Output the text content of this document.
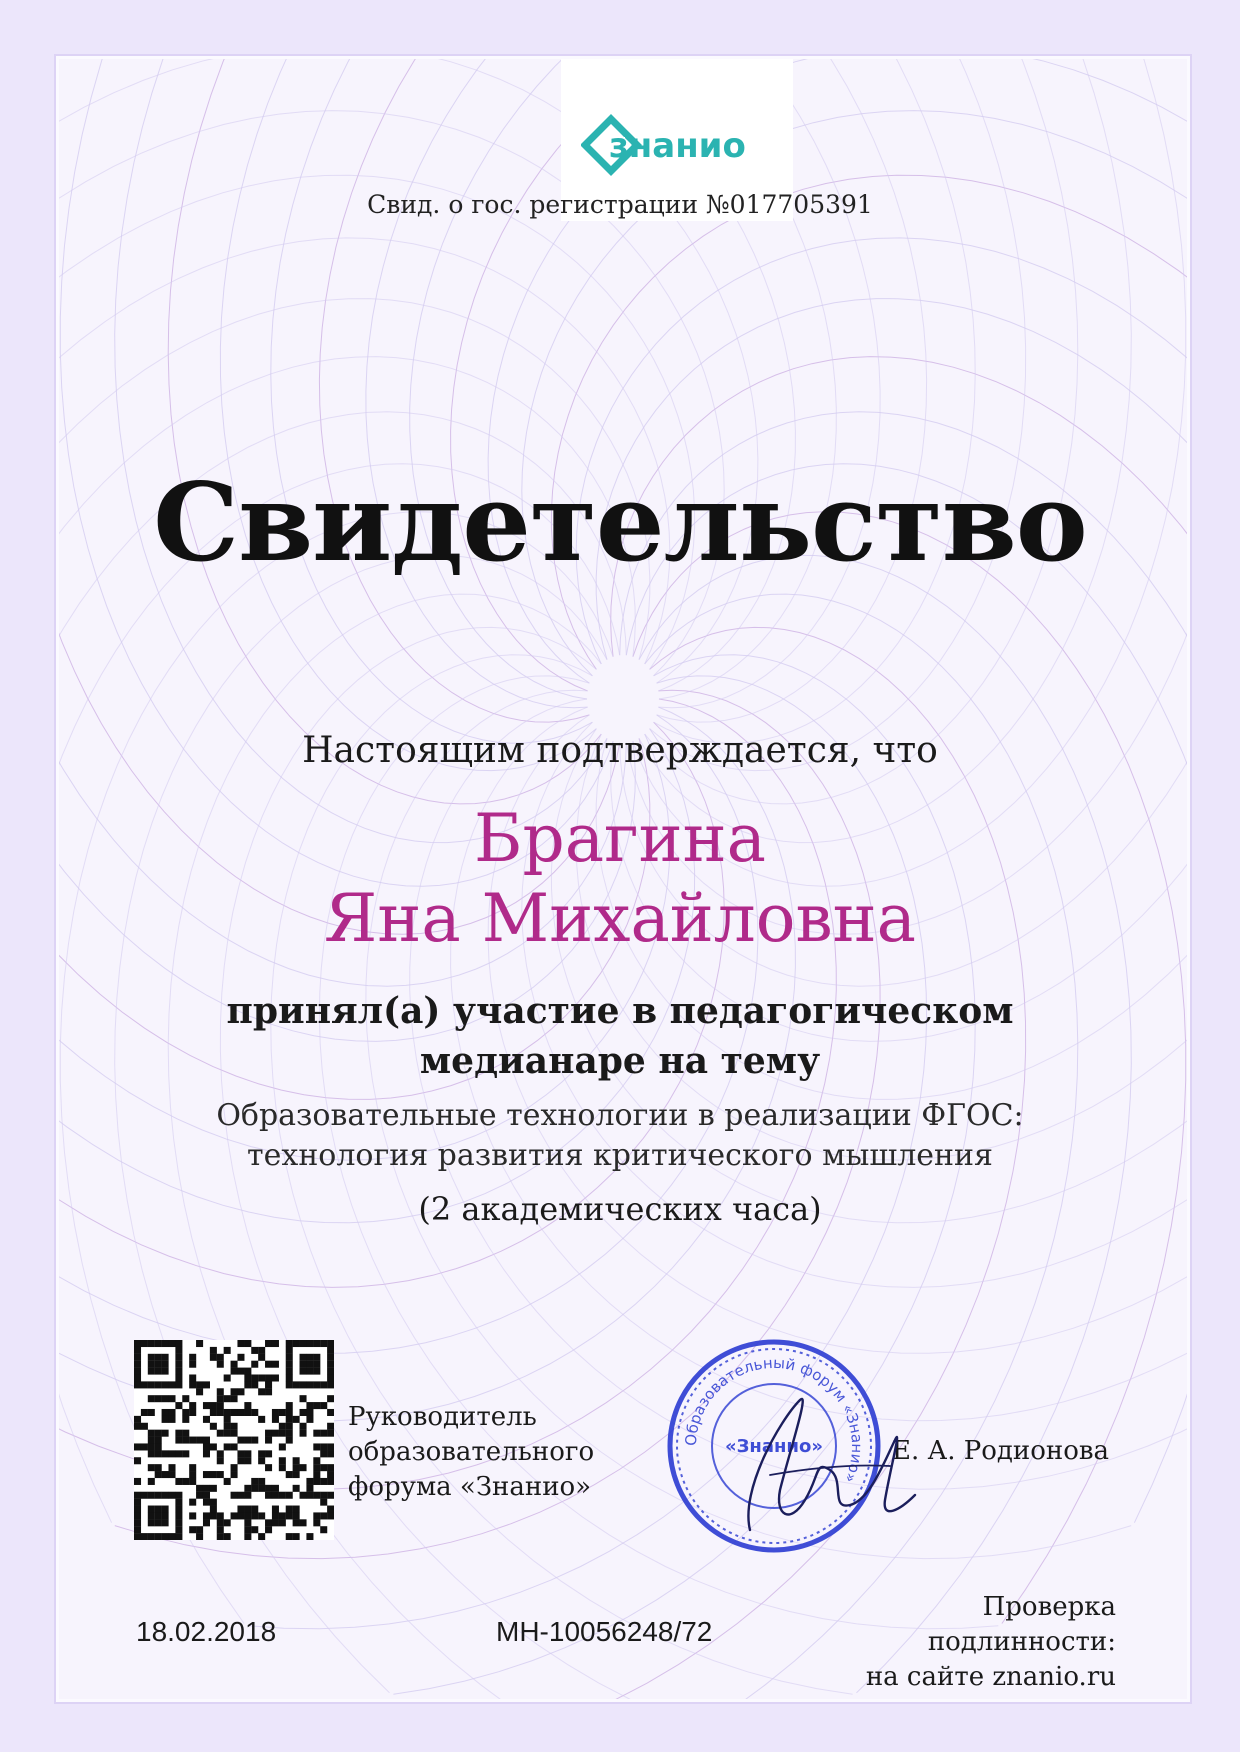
знанио
Свид. о гос. регистрации №017705391
Свидетельство
Настоящим подтверждается, что
Брагина
Яна Михайловна
принял(а) участие в педагогическом
медианаре на тему
Образовательные технологии в реализации ФГОС:
технология развития критического мышления
(2 академических часа)
Руководитель
образовательного
форума «Знанио»
Образовательный форум «Знанио»
«Знанио»	Е. А. Родионова
18.02.2018	МН-10056248/72
Проверка
подлинности:
на сайте znanio.ru
